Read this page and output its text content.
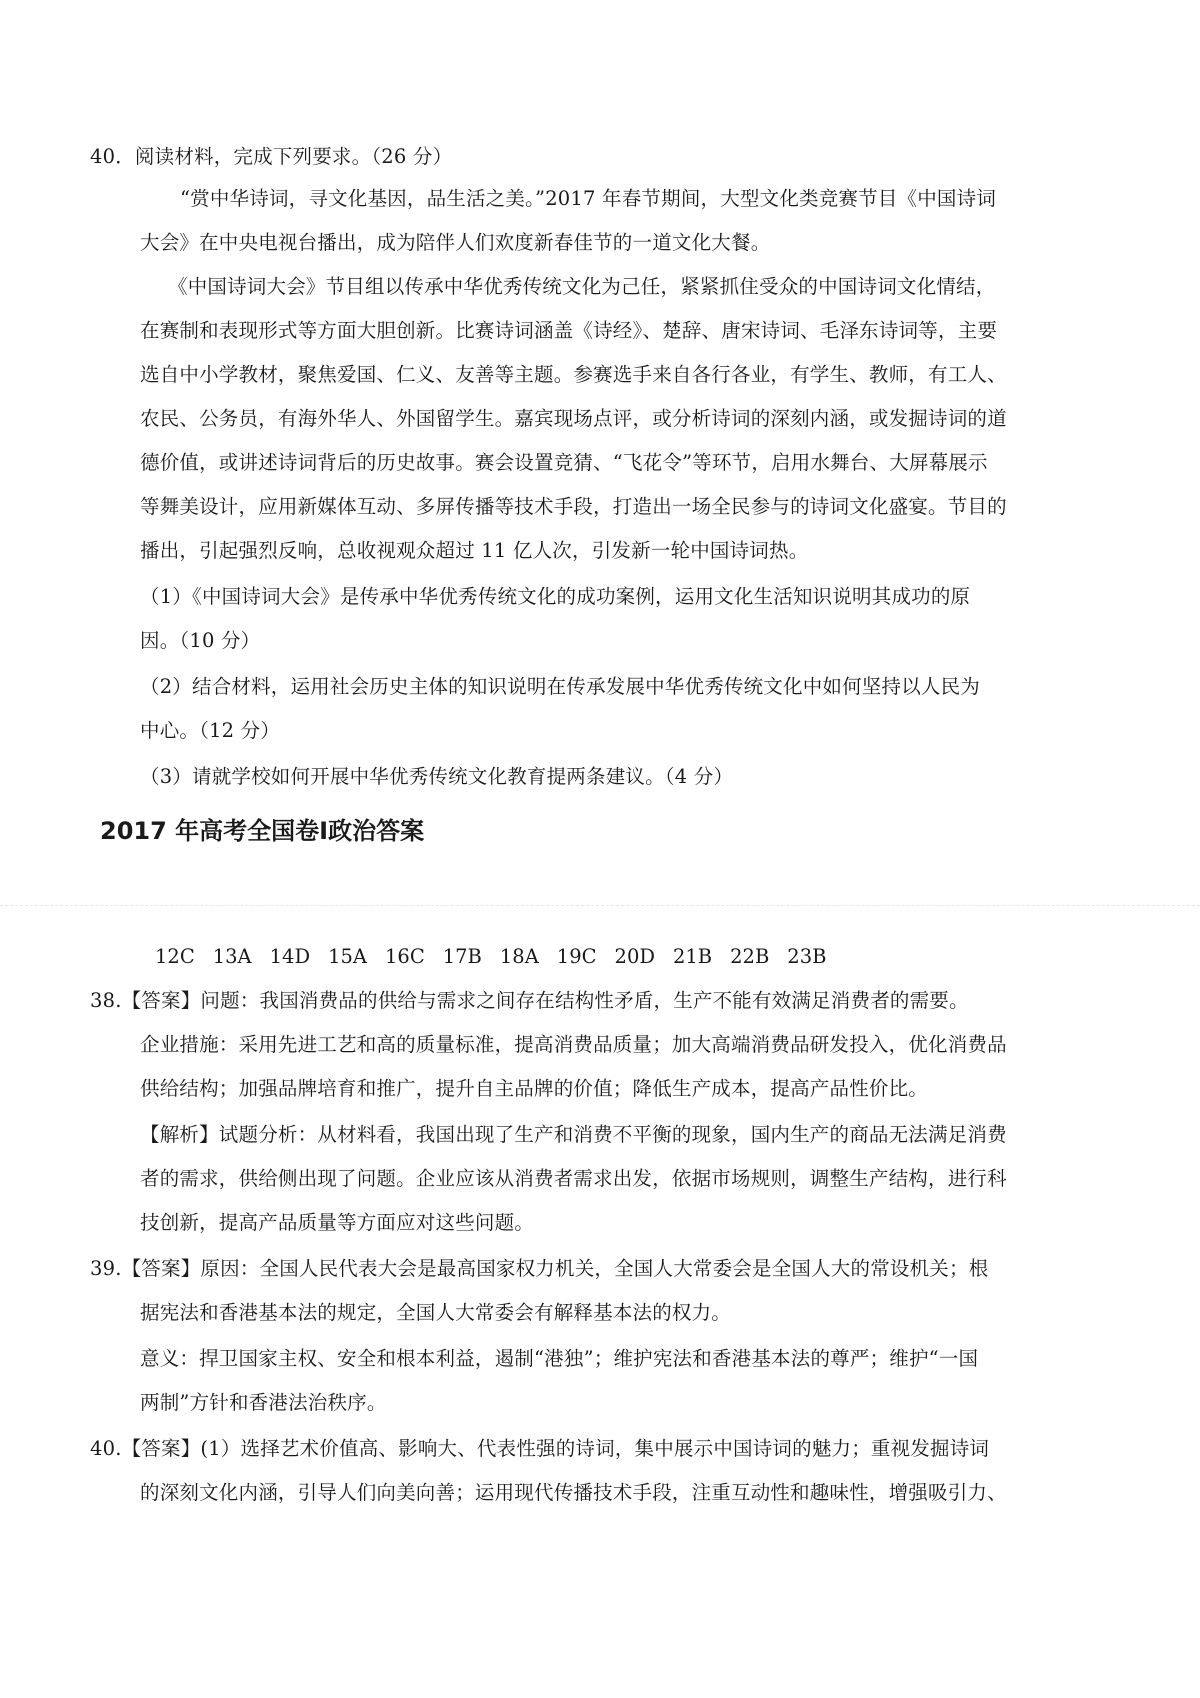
40．阅读材料，完成下列要求。（26 分）
“赏中华诗词，寻文化基因，品生活之美。”2017 年春节期间，大型文化类竞赛节目《中国诗词
大会》在中央电视台播出，成为陪伴人们欢度新春佳节的一道文化大餐。
《中国诗词大会》节目组以传承中华优秀传统文化为己任，紧紧抓住受众的中国诗词文化情结，
在赛制和表现形式等方面大胆创新。比赛诗词涵盖《诗经》、楚辞、唐宋诗词、毛泽东诗词等，主要
选自中小学教材，聚焦爱国、仁义、友善等主题。参赛选手来自各行各业，有学生、教师，有工人、
农民、公务员，有海外华人、外国留学生。嘉宾现场点评，或分析诗词的深刻内涵，或发掘诗词的道
德价值，或讲述诗词背后的历史故事。赛会设置竞猜、“飞花令”等环节，启用水舞台、大屏幕展示
等舞美设计，应用新媒体互动、多屏传播等技术手段，打造出一场全民参与的诗词文化盛宴。节目的
播出，引起强烈反响，总收视观众超过 11 亿人次，引发新一轮中国诗词热。
（1）《中国诗词大会》是传承中华优秀传统文化的成功案例，运用文化生活知识说明其成功的原
因。（10 分）
（2）结合材料，运用社会历史主体的知识说明在传承发展中华优秀传统文化中如何坚持以人民为
中心。（12 分）
（3）请就学校如何开展中华优秀传统文化教育提两条建议。（4 分）
2017 年高考全国卷Ⅰ政治答案
12C 13A 14D 15A 16C 17B 18A 19C 20D 21B 22B 23B
38.【答案】问题：我国消费品的供给与需求之间存在结构性矛盾，生产不能有效满足消费者的需要。
企业措施：采用先进工艺和高的质量标准，提高消费品质量；加大高端消费品研发投入，优化消费品
供给结构；加强品牌培育和推广，提升自主品牌的价值；降低生产成本，提高产品性价比。
【解析】试题分析：从材料看，我国出现了生产和消费不平衡的现象，国内生产的商品无法满足消费
者的需求，供给侧出现了问题。企业应该从消费者需求出发，依据市场规则，调整生产结构，进行科
技创新，提高产品质量等方面应对这些问题。
39.【答案】原因：全国人民代表大会是最高国家权力机关，全国人大常委会是全国人大的常设机关；根
据宪法和香港基本法的规定，全国人大常委会有解释基本法的权力。
意义：捍卫国家主权、安全和根本利益，遏制“港独”；维护宪法和香港基本法的尊严；维护“一国
两制”方针和香港法治秩序。
40.【答案】(1）选择艺术价值高、影响大、代表性强的诗词，集中展示中国诗词的魅力；重视发掘诗词
的深刻文化内涵，引导人们向美向善；运用现代传播技术手段，注重互动性和趣味性，增强吸引力、
